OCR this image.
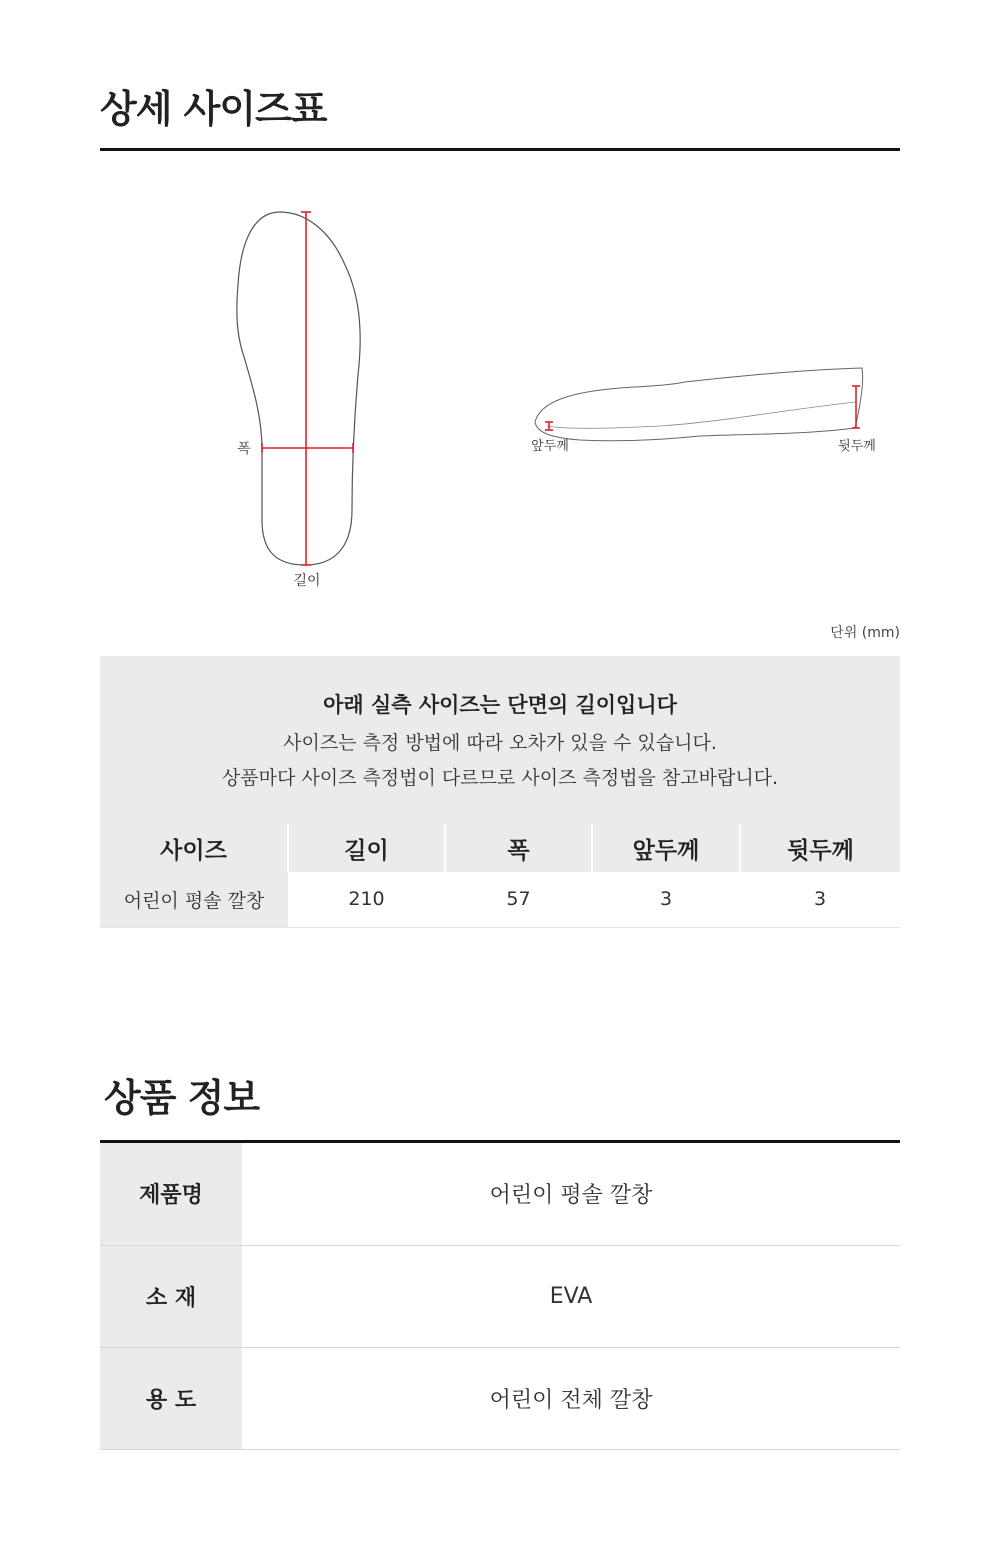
상세 사이즈표
폭
길이
앞두께	뒷두께
단위 (mm)
아래 실측 사이즈는 단면의 길이입니다
사이즈는 측정 방법에 따라 오차가 있을 수 있습니다.
상품마다 사이즈 측정법이 다르므로 사이즈 측정법을 참고바랍니다.
사이즈	길이	폭	앞두께	뒷두께
어린이 평솔 깔창	210	57	3	3
상품 정보
제품명	어린이 평솔 깔창
소 재	EVA
용 도	어린이 전체 깔창
